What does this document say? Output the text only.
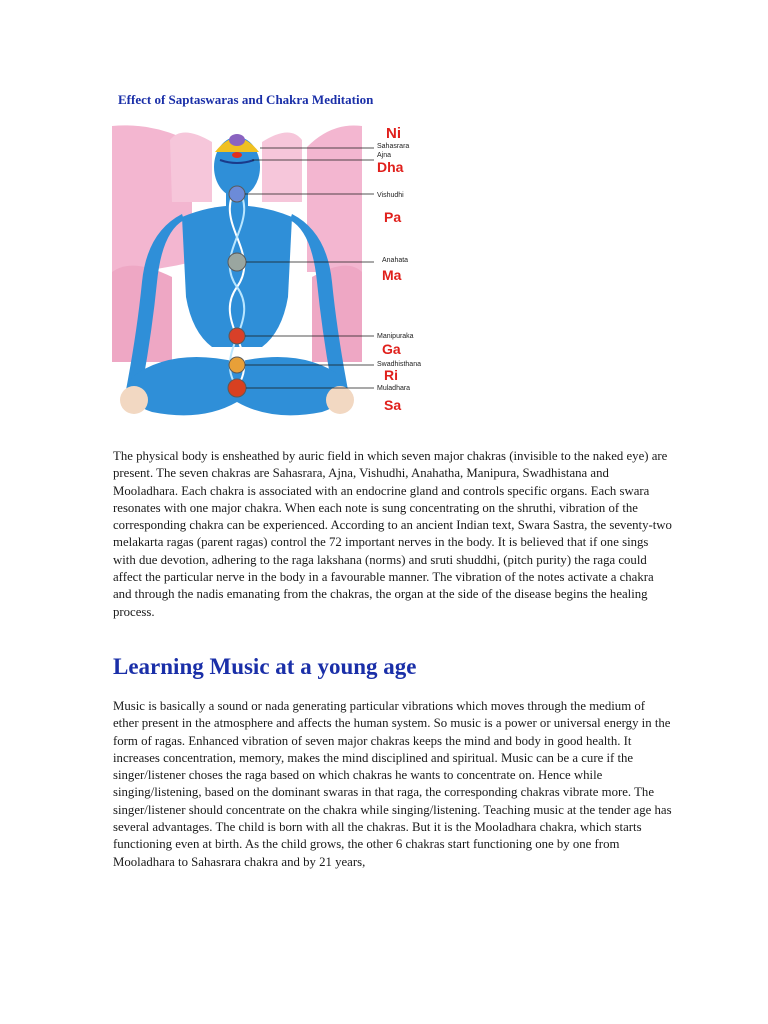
Effect of Saptaswaras and Chakra Meditation
Ni
Sahasrara
Ajna
Dha
Vishudhi
Pa
Anahata
Ma
Manipuraka
Ga
Swadhisthana
Ri
Muladhara
Sa

The physical body is ensheathed by auric field in which seven major chakras (invisible to the naked eye) are present. The seven chakras are Sahasrara, Ajna, Vishudhi, Anahatha, Manipura, Swadhistana and Mooladhara. Each chakra is associated with an endocrine gland and controls specific organs. Each swara resonates with one major chakra. When each note is sung concentrating on the shruthi, vibration of the corresponding chakra can be experienced. According to an ancient Indian text, Swara Sastra, the seventy-two melakarta ragas (parent ragas) control the 72 important nerves in the body. It is believed that if one sings with due devotion, adhering to the raga lakshana (norms) and sruti shuddhi, (pitch purity) the raga could affect the particular nerve in the body in a favourable manner. The vibration of the notes activate a chakra and through the nadis emanating from the chakras, the organ at the side of the disease begins the healing process.

Learning Music at a young age

Music is basically a sound or nada generating particular vibrations which moves through the medium of ether present in the atmosphere and affects the human system. So music is a power or universal energy in the form of ragas. Enhanced vibration of seven major chakras keeps the mind and body in good health. It increases concentration, memory, makes the mind disciplined and spiritual. Music can be a cure if the singer/listener choses the raga based on which chakras he wants to concentrate on. Hence while singing/listening, based on the dominant swaras in that raga, the corresponding chakras vibrate more. The singer/listener should concentrate on the chakra while singing/listening. Teaching music at the tender age has several advantages. The child is born with all the chakras. But it is the Mooladhara chakra, which starts functioning even at birth. As the child grows, the other 6 chakras start functioning one by one from Mooladhara to Sahasrara chakra and by 21 years,
